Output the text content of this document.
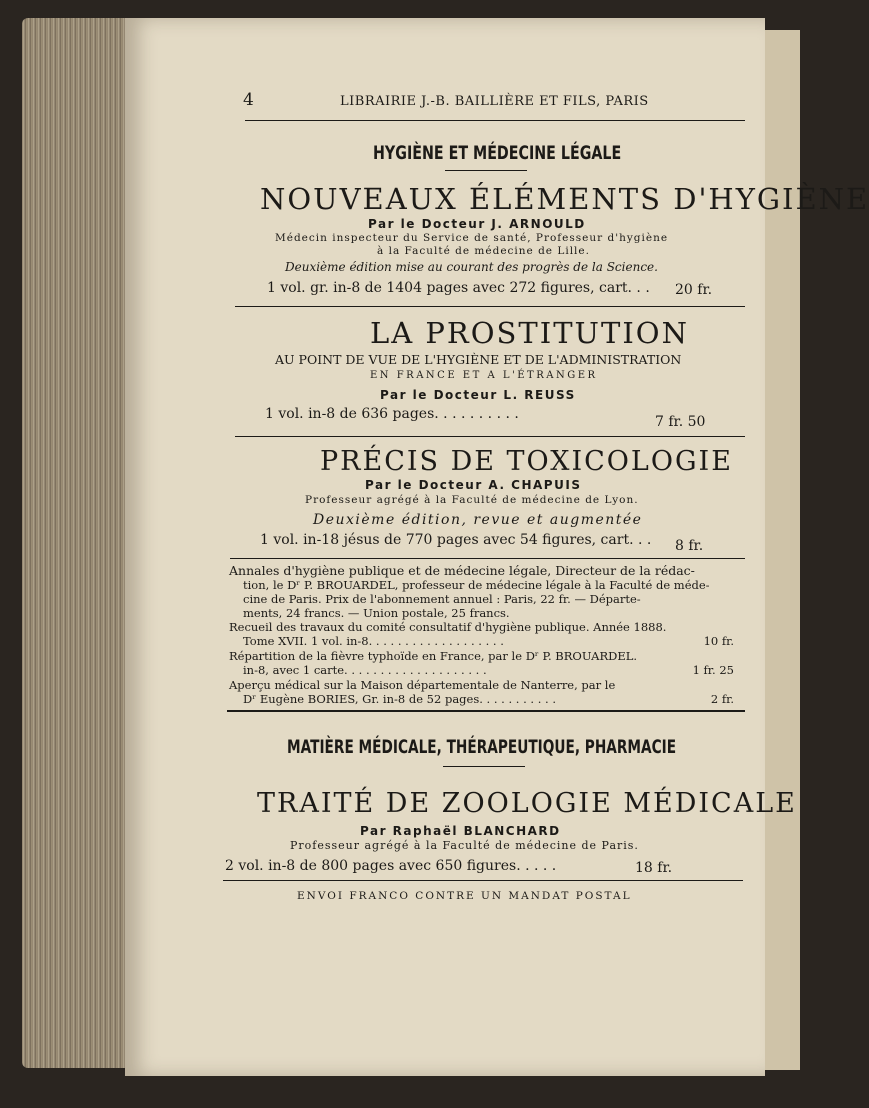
4	LIBRAIRIE J.-B. BAILLIÈRE ET FILS, PARIS
HYGIÈNE ET MÉDECINE LÉGALE
NOUVEAUX ÉLÉMENTS D'HYGIÈNE
Par le Docteur J. ARNOULD
Médecin inspecteur du Service de santé, Professeur d'hygiène
à la Faculté de médecine de Lille.
Deuxième édition mise au courant des progrès de la Science.
1 vol. gr. in-8 de 1404 pages avec 272 figures, cart. . . 20 fr.
LA PROSTITUTION
AU POINT DE VUE DE L'HYGIÈNE ET DE L'ADMINISTRATION
EN FRANCE ET A L'ÉTRANGER
Par le Docteur L. REUSS
1 vol. in-8 de 636 pages. . . . . . . . . .	7 fr. 50
PRÉCIS DE TOXICOLOGIE
Par le Docteur A. CHAPUIS
Professeur agrégé à la Faculté de médecine de Lyon.
Deuxième édition, revue et augmentée
1 vol. in-18 jésus de 770 pages avec 54 figures, cart. . . 8 fr.
Annales d'hygiène publique et de médecine légale, Directeur de la rédac-
tion, le Dʳ P. BROUARDEL, professeur de médecine légale à la Faculté de méde-
cine de Paris. Prix de l'abonnement annuel : Paris, 22 fr. — Départe-
ments, 24 francs. — Union postale, 25 francs.
Recueil des travaux du comité consultatif d'hygiène publique. Année 1888.
Tome XVII. 1 vol. in-8. . . . . . . . . . . . . . . . . . .	10 fr.
Répartition de la fièvre typhoïde en France, par le Dʳ P. BROUARDEL.
in-8, avec 1 carte. . . . . . . . . . . . . . . . . . . .	1 fr. 25
Aperçu médical sur la Maison départementale de Nanterre, par le
Dʳ Eugène BORIES, Gr. in-8 de 52 pages. . . . . . . . . . .	2 fr.
MATIÈRE MÉDICALE, THÉRAPEUTIQUE, PHARMACIE
TRAITÉ DE ZOOLOGIE MÉDICALE
Par Raphaël BLANCHARD
Professeur agrégé à la Faculté de médecine de Paris.
2 vol. in-8 de 800 pages avec 650 figures. . . . .	18 fr.
ENVOI FRANCO CONTRE UN MANDAT POSTAL
